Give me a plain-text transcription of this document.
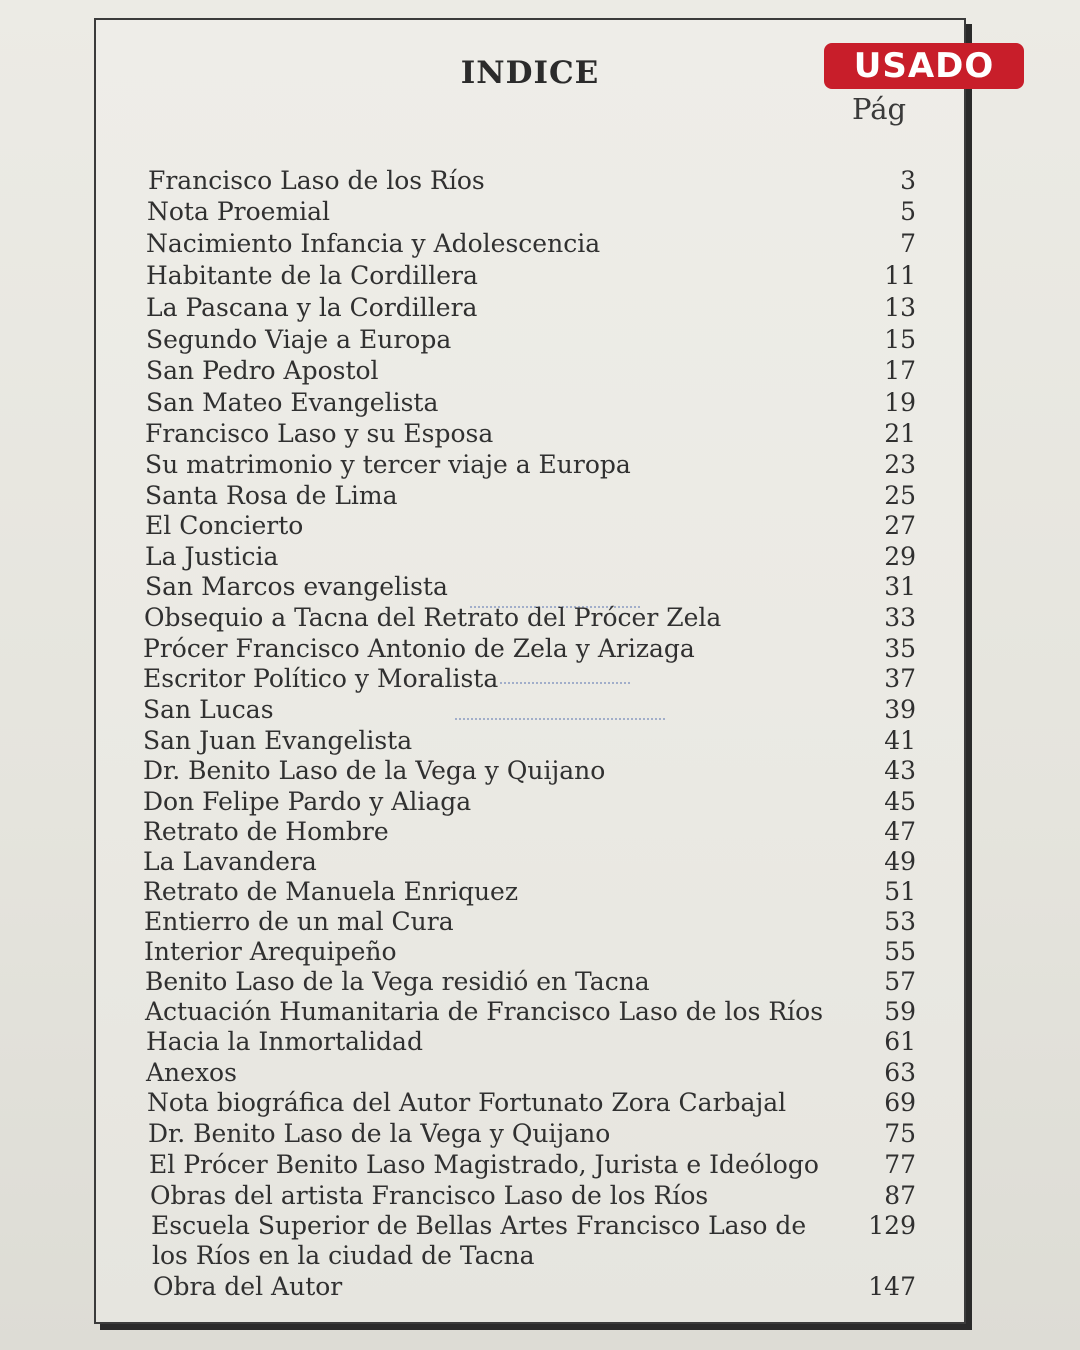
INDICE
Pág
USADO
Francisco Laso de los Ríos	3
Nota Proemial	5
Nacimiento Infancia y Adolescencia	7
Habitante de la Cordillera	11
La Pascana y la Cordillera	13
Segundo Viaje a Europa	15
San Pedro Apostol	17
San Mateo Evangelista	19
Francisco Laso y su Esposa	21
Su matrimonio y tercer viaje a Europa	23
Santa Rosa de Lima	25
El Concierto	27
La Justicia	29
San Marcos evangelista	31
Obsequio a Tacna del Retrato del Prócer Zela	33
Prócer Francisco Antonio de Zela y Arizaga	35
Escritor Político y Moralista	37
San Lucas	39
San Juan Evangelista	41
Dr. Benito Laso de la Vega y Quijano	43
Don Felipe Pardo y Aliaga	45
Retrato de Hombre	47
La Lavandera	49
Retrato de Manuela Enriquez	51
Entierro de un mal Cura	53
Interior Arequipeño	55
Benito Laso de la Vega residió en Tacna	57
Actuación Humanitaria de Francisco Laso de los Ríos	59
Hacia la Inmortalidad	61
Anexos	63
Nota biográfica del Autor Fortunato Zora Carbajal	69
Dr. Benito Laso de la Vega y Quijano	75
El Prócer Benito Laso Magistrado, Jurista e Ideólogo	77
Obras del artista Francisco Laso de los Ríos	87
Escuela Superior de Bellas Artes Francisco Laso de	129
los Ríos en la ciudad de Tacna
Obra del Autor	147
